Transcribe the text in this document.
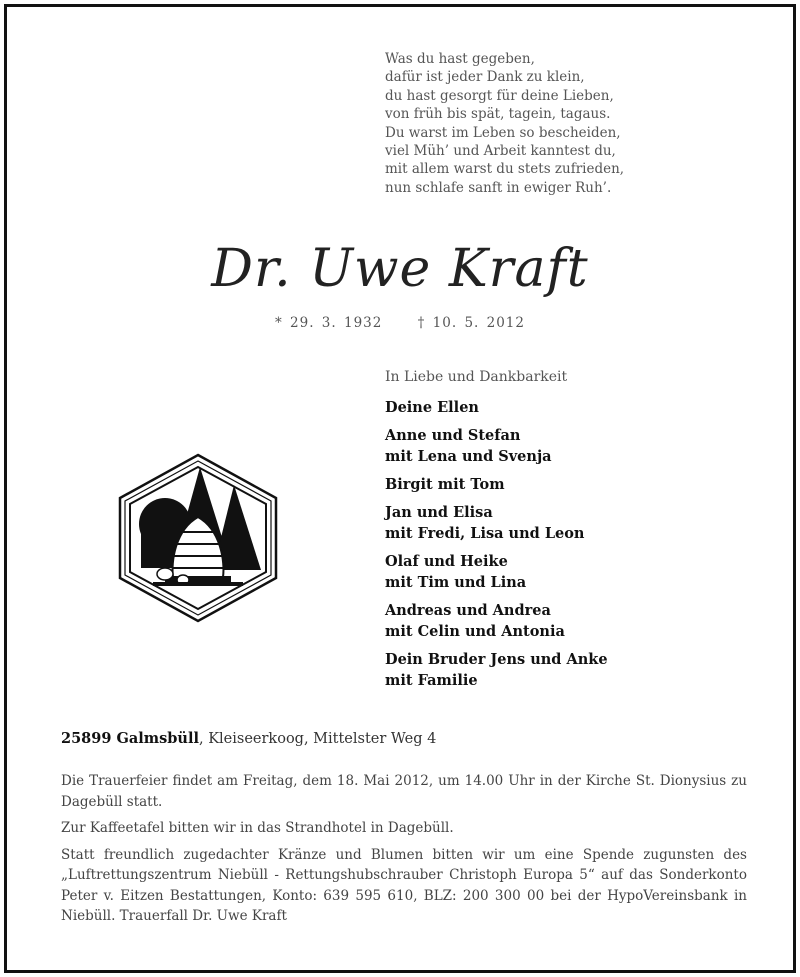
Was du hast gegeben,
dafür ist jeder Dank zu klein,
du hast gesorgt für deine Lieben,
von früh bis spät, tagein, tagaus.
Du warst im Leben so bescheiden,
viel Müh’ und Arbeit kanntest du,
mit allem warst du stets zufrieden,
nun schlafe sanft in ewiger Ruh’.
Dr. Uwe Kraft
* 29. 3. 1932	† 10. 5. 2012
In Liebe und Dankbarkeit
Deine Ellen
Anne und Stefan
mit Lena und Svenja
Birgit mit Tom
Jan und Elisa
mit Fredi, Lisa und Leon
Olaf und Heike
mit Tim und Lina
Andreas und Andrea
mit Celin und Antonia
Dein Bruder Jens und Anke
mit Familie
25899 Galmsbüll, Kleiseerkoog, Mittelster Weg 4

Die Trauerfeier findet am Freitag, dem 18. Mai 2012, um 14.00 Uhr in der Kirche St. Dionysius zu Dagebüll statt.

Zur Kaffeetafel bitten wir in das Strandhotel in Dagebüll.

Statt freundlich zugedachter Kränze und Blumen bitten wir um eine Spende zugunsten des „Luftrettungszentrum Niebüll - Rettungshubschrauber Christoph Europa 5“ auf das Sonderkonto Peter v. Eitzen Bestattungen, Konto: 639 595 610, BLZ: 200 300 00 bei der HypoVereinsbank in Niebüll. Trauerfall Dr. Uwe Kraft
